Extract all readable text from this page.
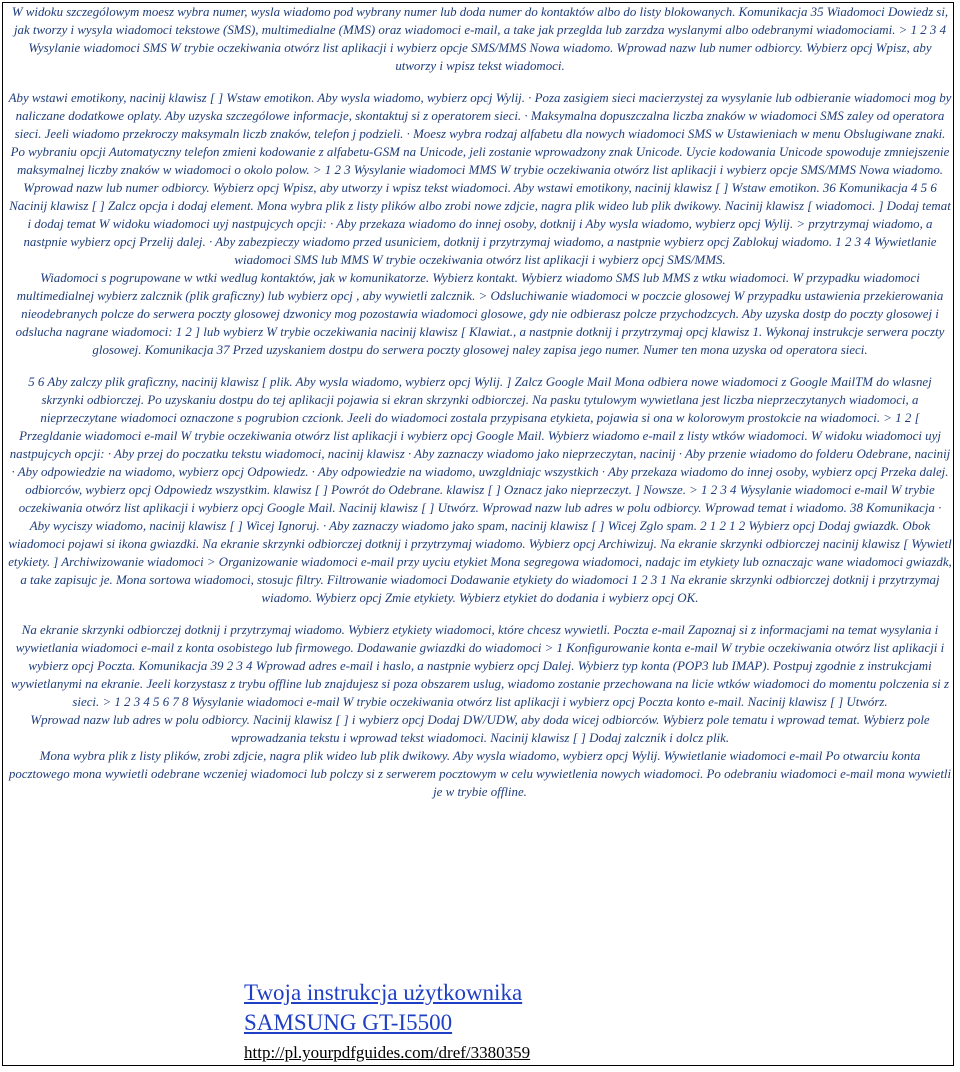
W widoku szczególowym moesz wybra numer, wysla wiadomo pod wybrany numer lub doda numer do kontaktów albo do listy blokowanych. Komunikacja 35 Wiadomoci Dowiedz si, jak tworzy i wysyla wiadomoci tekstowe (SMS), multimedialne (MMS) oraz wiadomoci e-mail, a take jak przeglda lub zarzdza wyslanymi albo odebranymi wiadomociami. > 1 2 3 4 Wysylanie wiadomoci SMS W trybie oczekiwania otwórz list aplikacji i wybierz opcje SMS/MMS Nowa wiadomo. Wprowad nazw lub numer odbiorcy. Wybierz opcj Wpisz, aby utworzy i wpisz tekst wiadomoci.

Aby wstawi emotikony, nacinij klawisz [ ] Wstaw emotikon. Aby wysla wiadomo, wybierz opcj Wylij. · Poza zasigiem sieci macierzystej za wysylanie lub odbieranie wiadomoci mog by naliczane dodatkowe oplaty. Aby uzyska szczególowe informacje, skontaktuj si z operatorem sieci. · Maksymalna dopuszczalna liczba znaków w wiadomoci SMS zaley od operatora sieci. Jeeli wiadomo przekroczy maksymaln liczb znaków, telefon j podzieli. · Moesz wybra rodzaj alfabetu dla nowych wiadomoci SMS w Ustawieniach w menu Obslugiwane znaki. Po wybraniu opcji Automatyczny telefon zmieni kodowanie z alfabetu-GSM na Unicode, jeli zostanie wprowadzony znak Unicode. Uycie kodowania Unicode spowoduje zmniejszenie maksymalnej liczby znaków w wiadomoci o okolo polow. > 1 2 3 Wysylanie wiadomoci MMS W trybie oczekiwania otwórz list aplikacji i wybierz opcje SMS/MMS Nowa wiadomo. Wprowad nazw lub numer odbiorcy. Wybierz opcj Wpisz, aby utworzy i wpisz tekst wiadomoci. Aby wstawi emotikony, nacinij klawisz [ ] Wstaw emotikon. 36 Komunikacja 4 5 6 Nacinij klawisz [ ] Zalcz opcja i dodaj element. Mona wybra plik z listy plików albo zrobi nowe zdjcie, nagra plik wideo lub plik dwikowy. Nacinij klawisz [ wiadomoci. ] Dodaj temat i dodaj temat W widoku wiadomoci uyj nastpujcych opcji: · Aby przekaza wiadomo do innej osoby, dotknij i Aby wysla wiadomo, wybierz opcj Wylij. > przytrzymaj wiadomo, a nastpnie wybierz opcj Przelij dalej. · Aby zabezpieczy wiadomo przed usuniciem, dotknij i przytrzymaj wiadomo, a nastpnie wybierz opcj Zablokuj wiadomo. 1 2 3 4 Wywietlanie wiadomoci SMS lub MMS W trybie oczekiwania otwórz list aplikacji i wybierz opcj SMS/MMS.

Wiadomoci s pogrupowane w wtki wedlug kontaktów, jak w komunikatorze. Wybierz kontakt. Wybierz wiadomo SMS lub MMS z wtku wiadomoci. W przypadku wiadomoci multimedialnej wybierz zalcznik (plik graficzny) lub wybierz opcj , aby wywietli zalcznik. > Odsluchiwanie wiadomoci w poczcie glosowej W przypadku ustawienia przekierowania nieodebranych polcze do serwera poczty glosowej dzwonicy mog pozostawia wiadomoci glosowe, gdy nie odbierasz polcze przychodzcych. Aby uzyska dostp do poczty glosowej i odslucha nagrane wiadomoci: 1 2 ] lub wybierz W trybie oczekiwania nacinij klawisz [ Klawiat., a nastpnie dotknij i przytrzymaj opcj klawisz 1. Wykonaj instrukcje serwera poczty glosowej. Komunikacja 37 Przed uzyskaniem dostpu do serwera poczty glosowej naley zapisa jego numer. Numer ten mona uzyska od operatora sieci.

5 6 Aby zalczy plik graficzny, nacinij klawisz [ plik. Aby wysla wiadomo, wybierz opcj Wylij. ] Zalcz Google Mail Mona odbiera nowe wiadomoci z Google MailTM do wlasnej skrzynki odbiorczej. Po uzyskaniu dostpu do tej aplikacji pojawia si ekran skrzynki odbiorczej. Na pasku tytulowym wywietlana jest liczba nieprzeczytanych wiadomoci, a nieprzeczytane wiadomoci oznaczone s pogrubion czcionk. Jeeli do wiadomoci zostala przypisana etykieta, pojawia si ona w kolorowym prostokcie na wiadomoci. > 1 2 [ Przegldanie wiadomoci e-mail W trybie oczekiwania otwórz list aplikacji i wybierz opcj Google Mail. Wybierz wiadomo e-mail z listy wtków wiadomoci. W widoku wiadomoci uyj nastpujcych opcji: · Aby przej do poczatku tekstu wiadomoci, nacinij klawisz · Aby zaznaczy wiadomo jako nieprzeczytan, nacinij · Aby przenie wiadomo do folderu Odebrane, nacinij · Aby odpowiedzie na wiadomo, wybierz opcj Odpowiedz. · Aby odpowiedzie na wiadomo, uwzgldniajc wszystkich · Aby przekaza wiadomo do innej osoby, wybierz opcj Przeka dalej. odbiorców, wybierz opcj Odpowiedz wszystkim. klawisz [ ] Powrót do Odebrane. klawisz [ ] Oznacz jako nieprzeczyt. ] Nowsze. > 1 2 3 4 Wysylanie wiadomoci e-mail W trybie oczekiwania otwórz list aplikacji i wybierz opcj Google Mail. Nacinij klawisz [ ] Utwórz. Wprowad nazw lub adres w polu odbiorcy. Wprowad temat i wiadomo. 38 Komunikacja · Aby wyciszy wiadomo, nacinij klawisz [ ] Wicej Ignoruj. · Aby zaznaczy wiadomo jako spam, nacinij klawisz [ ] Wicej Zglo spam. 2 1 2 1 2 Wybierz opcj Dodaj gwiazdk. Obok wiadomoci pojawi si ikona gwiazdki. Na ekranie skrzynki odbiorczej dotknij i przytrzymaj wiadomo. Wybierz opcj Archiwizuj. Na ekranie skrzynki odbiorczej nacinij klawisz [ Wywietl etykiety. ] Archiwizowanie wiadomoci > Organizowanie wiadomoci e-mail przy uyciu etykiet Mona segregowa wiadomoci, nadajc im etykiety lub oznaczajc wane wiadomoci gwiazdk, a take zapisujc je. Mona sortowa wiadomoci, stosujc filtry. Filtrowanie wiadomoci Dodawanie etykiety do wiadomoci 1 2 3 1 Na ekranie skrzynki odbiorczej dotknij i przytrzymaj wiadomo. Wybierz opcj Zmie etykiety. Wybierz etykiet do dodania i wybierz opcj OK.

Na ekranie skrzynki odbiorczej dotknij i przytrzymaj wiadomo. Wybierz etykiety wiadomoci, które chcesz wywietli. Poczta e-mail Zapoznaj si z informacjami na temat wysylania i wywietlania wiadomoci e-mail z konta osobistego lub firmowego. Dodawanie gwiazdki do wiadomoci > 1 Konfigurowanie konta e-mail W trybie oczekiwania otwórz list aplikacji i wybierz opcj Poczta. Komunikacja 39 2 3 4 Wprowad adres e-mail i haslo, a nastpnie wybierz opcj Dalej. Wybierz typ konta (POP3 lub IMAP). Postpuj zgodnie z instrukcjami wywietlanymi na ekranie. Jeeli korzystasz z trybu offline lub znajdujesz si poza obszarem uslug, wiadomo zostanie przechowana na licie wtków wiadomoci do momentu polczenia si z sieci. > 1 2 3 4 5 6 7 8 Wysylanie wiadomoci e-mail W trybie oczekiwania otwórz list aplikacji i wybierz opcj Poczta konto e-mail. Nacinij klawisz [ ] Utwórz.

Wprowad nazw lub adres w polu odbiorcy. Nacinij klawisz [ ] i wybierz opcj Dodaj DW/UDW, aby doda wicej odbiorców. Wybierz pole tematu i wprowad temat. Wybierz pole wprowadzania tekstu i wprowad tekst wiadomoci. Nacinij klawisz [ ] Dodaj zalcznik i dolcz plik.

Mona wybra plik z listy plików, zrobi zdjcie, nagra plik wideo lub plik dwikowy. Aby wysla wiadomo, wybierz opcj Wylij. Wywietlanie wiadomoci e-mail Po otwarciu konta pocztowego mona wywietli odebrane wczeniej wiadomoci lub polczy si z serwerem pocztowym w celu wywietlenia nowych wiadomoci. Po odebraniu wiadomoci e-mail mona wywietli je w trybie offline.

Twoja instrukcja użytkownika
SAMSUNG GT-I5500
http://pl.yourpdfguides.com/dref/3380359
